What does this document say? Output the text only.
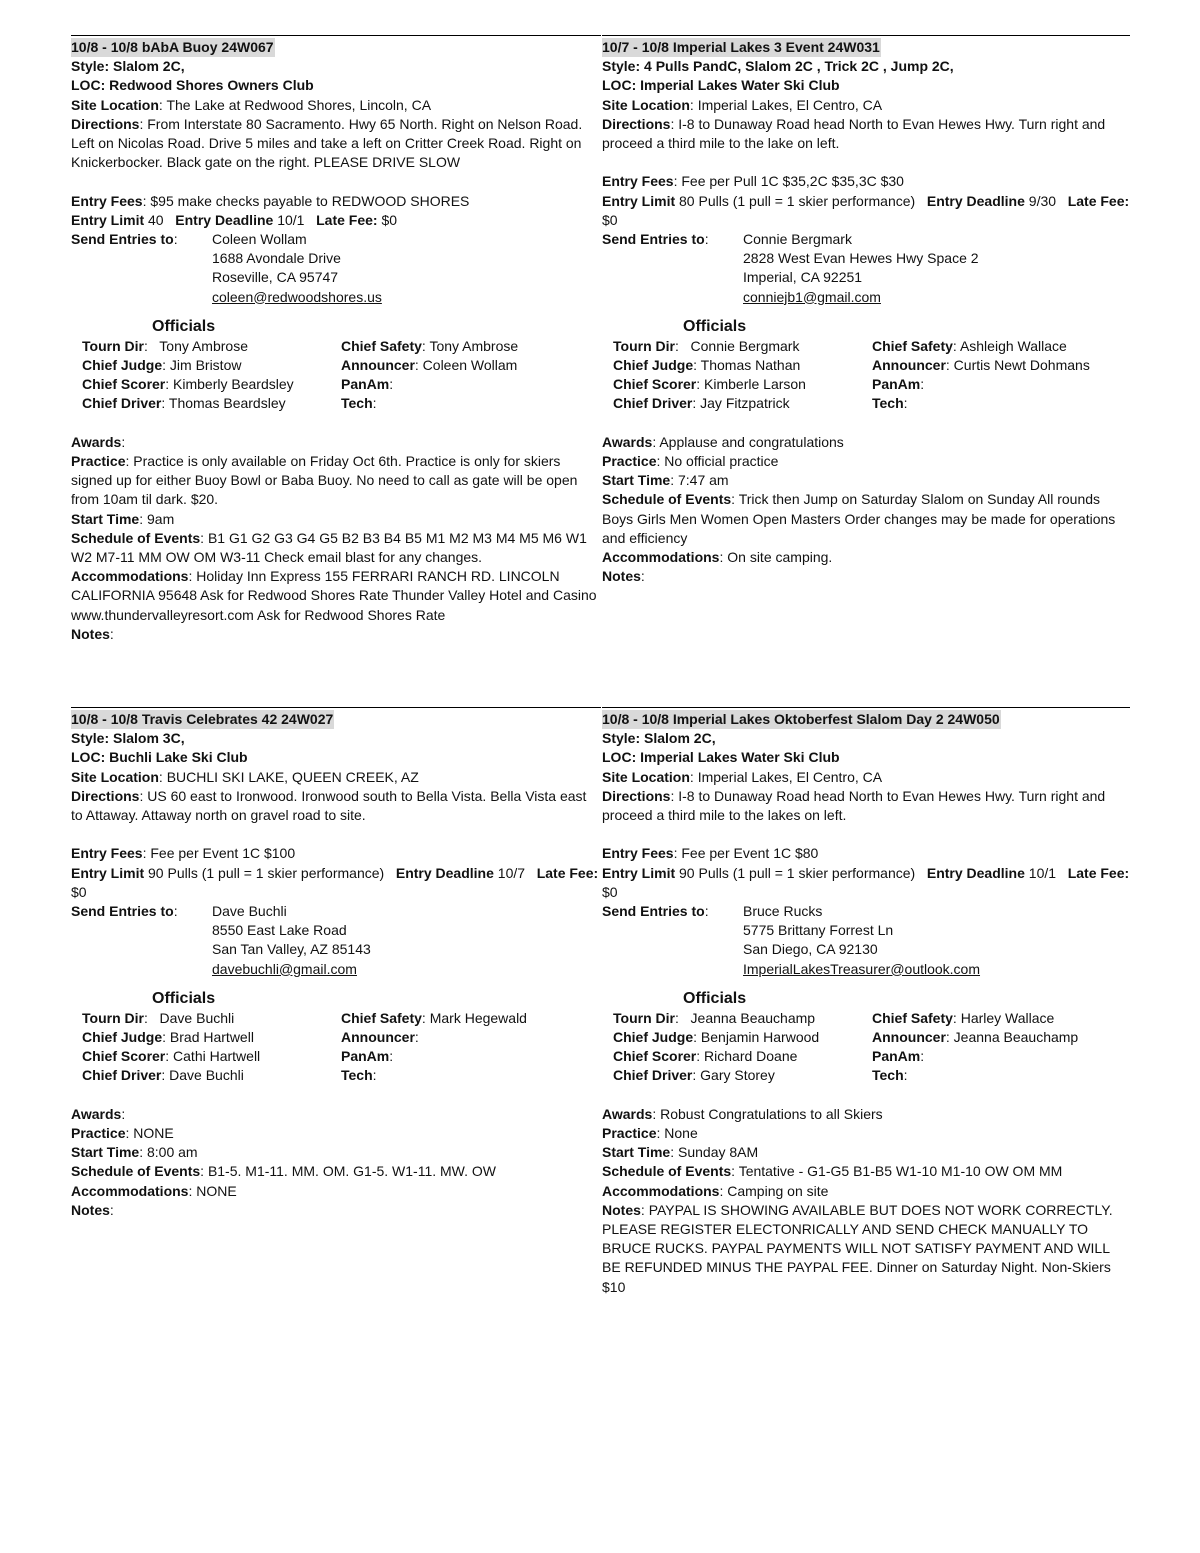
10/8 - 10/8 bAbA Buoy 24W067
Style: Slalom 2C,
LOC: Redwood Shores Owners Club
Site Location: The Lake at Redwood Shores, Lincoln, CA
Directions: From Interstate 80 Sacramento. Hwy 65 North. Right on Nelson Road. Left on Nicolas Road. Drive 5 miles and take a left on Critter Creek Road. Right on Knickerbocker. Black gate on the right. PLEASE DRIVE SLOW
Entry Fees: $95 make checks payable to REDWOOD SHORES
Entry Limit 40 Entry Deadline 10/1 Late Fee: $0
Send Entries to:	Coleen Wollam
1688 Avondale Drive
Roseville, CA 95747
coleen@redwoodshores.us
Officials
Tourn Dir:   Tony Ambrose	Chief Safety: Tony Ambrose
Chief Judge: Jim Bristow	Announcer: Coleen Wollam
Chief Scorer: Kimberly Beardsley	PanAm:
Chief Driver: Thomas Beardsley	Tech:
Awards:
Practice: Practice is only available on Friday Oct 6th. Practice is only for skiers signed up for either Buoy Bowl or Baba Buoy. No need to call as gate will be open from 10am til dark. $20.
Start Time: 9am
Schedule of Events: B1 G1 G2 G3 G4 G5 B2 B3 B4 B5 M1 M2 M3 M4 M5 M6 W1 W2 M7-11 MM OW OM W3-11 Check email blast for any changes.
Accommodations: Holiday Inn Express 155 FERRARI RANCH RD. LINCOLN CALIFORNIA 95648 Ask for Redwood Shores Rate Thunder Valley Hotel and Casino www.thundervalleyresort.com Ask for Redwood Shores Rate
Notes:
10/7 - 10/8 Imperial Lakes 3 Event 24W031
Style: 4 Pulls PandC, Slalom 2C , Trick 2C , Jump 2C,
LOC: Imperial Lakes Water Ski Club
Site Location: Imperial Lakes, El Centro, CA
Directions: I-8 to Dunaway Road head North to Evan Hewes Hwy. Turn right and proceed a third mile to the lake on left.
Entry Fees: Fee per Pull 1C $35,2C $35,3C $30
Entry Limit 80 Pulls (1 pull = 1 skier performance) Entry Deadline 9/30 Late Fee: $0
Send Entries to:	Connie Bergmark
2828 West Evan Hewes Hwy Space 2
Imperial, CA 92251
conniejb1@gmail.com
Officials
Tourn Dir:   Connie Bergmark	Chief Safety: Ashleigh Wallace
Chief Judge: Thomas Nathan	Announcer: Curtis Newt Dohmans
Chief Scorer: Kimberle Larson	PanAm:
Chief Driver: Jay Fitzpatrick	Tech:
Awards: Applause and congratulations
Practice: No official practice
Start Time: 7:47 am
Schedule of Events: Trick then Jump on Saturday Slalom on Sunday All rounds Boys Girls Men Women Open Masters Order changes may be made for operations and efficiency
Accommodations: On site camping.
Notes:
10/8 - 10/8 Travis Celebrates 42 24W027
Style: Slalom 3C,
LOC: Buchli Lake Ski Club
Site Location: BUCHLI SKI LAKE, QUEEN CREEK, AZ
Directions: US 60 east to Ironwood. Ironwood south to Bella Vista. Bella Vista east to Attaway. Attaway north on gravel road to site.
Entry Fees: Fee per Event 1C $100
Entry Limit 90 Pulls (1 pull = 1 skier performance) Entry Deadline 10/7 Late Fee: $0
Send Entries to:	Dave Buchli
8550 East Lake Road
San Tan Valley, AZ 85143
davebuchli@gmail.com
Officials
Tourn Dir:   Dave Buchli	Chief Safety: Mark Hegewald
Chief Judge: Brad Hartwell	Announcer:
Chief Scorer: Cathi Hartwell	PanAm:
Chief Driver: Dave Buchli	Tech:
Awards:
Practice: NONE
Start Time: 8:00 am
Schedule of Events: B1-5. M1-11. MM. OM. G1-5. W1-11. MW. OW
Accommodations: NONE
Notes:
10/8 - 10/8 Imperial Lakes Oktoberfest Slalom Day 2 24W050
Style: Slalom 2C,
LOC: Imperial Lakes Water Ski Club
Site Location: Imperial Lakes, El Centro, CA
Directions: I-8 to Dunaway Road head North to Evan Hewes Hwy. Turn right and proceed a third mile to the lakes on left.
Entry Fees: Fee per Event 1C $80
Entry Limit 90 Pulls (1 pull = 1 skier performance) Entry Deadline 10/1 Late Fee: $0
Send Entries to:	Bruce Rucks
5775 Brittany Forrest Ln
San Diego, CA 92130
ImperialLakesTreasurer@outlook.com
Officials
Tourn Dir:   Jeanna Beauchamp	Chief Safety: Harley Wallace
Chief Judge: Benjamin Harwood	Announcer: Jeanna Beauchamp
Chief Scorer: Richard Doane	PanAm:
Chief Driver: Gary Storey	Tech:
Awards: Robust Congratulations to all Skiers
Practice: None
Start Time: Sunday 8AM
Schedule of Events: Tentative - G1-G5 B1-B5 W1-10 M1-10 OW OM MM
Accommodations: Camping on site
Notes: PAYPAL IS SHOWING AVAILABLE BUT DOES NOT WORK CORRECTLY. PLEASE REGISTER ELECTONRICALLY AND SEND CHECK MANUALLY TO BRUCE RUCKS. PAYPAL PAYMENTS WILL NOT SATISFY PAYMENT AND WILL BE REFUNDED MINUS THE PAYPAL FEE. Dinner on Saturday Night. Non-Skiers $10
